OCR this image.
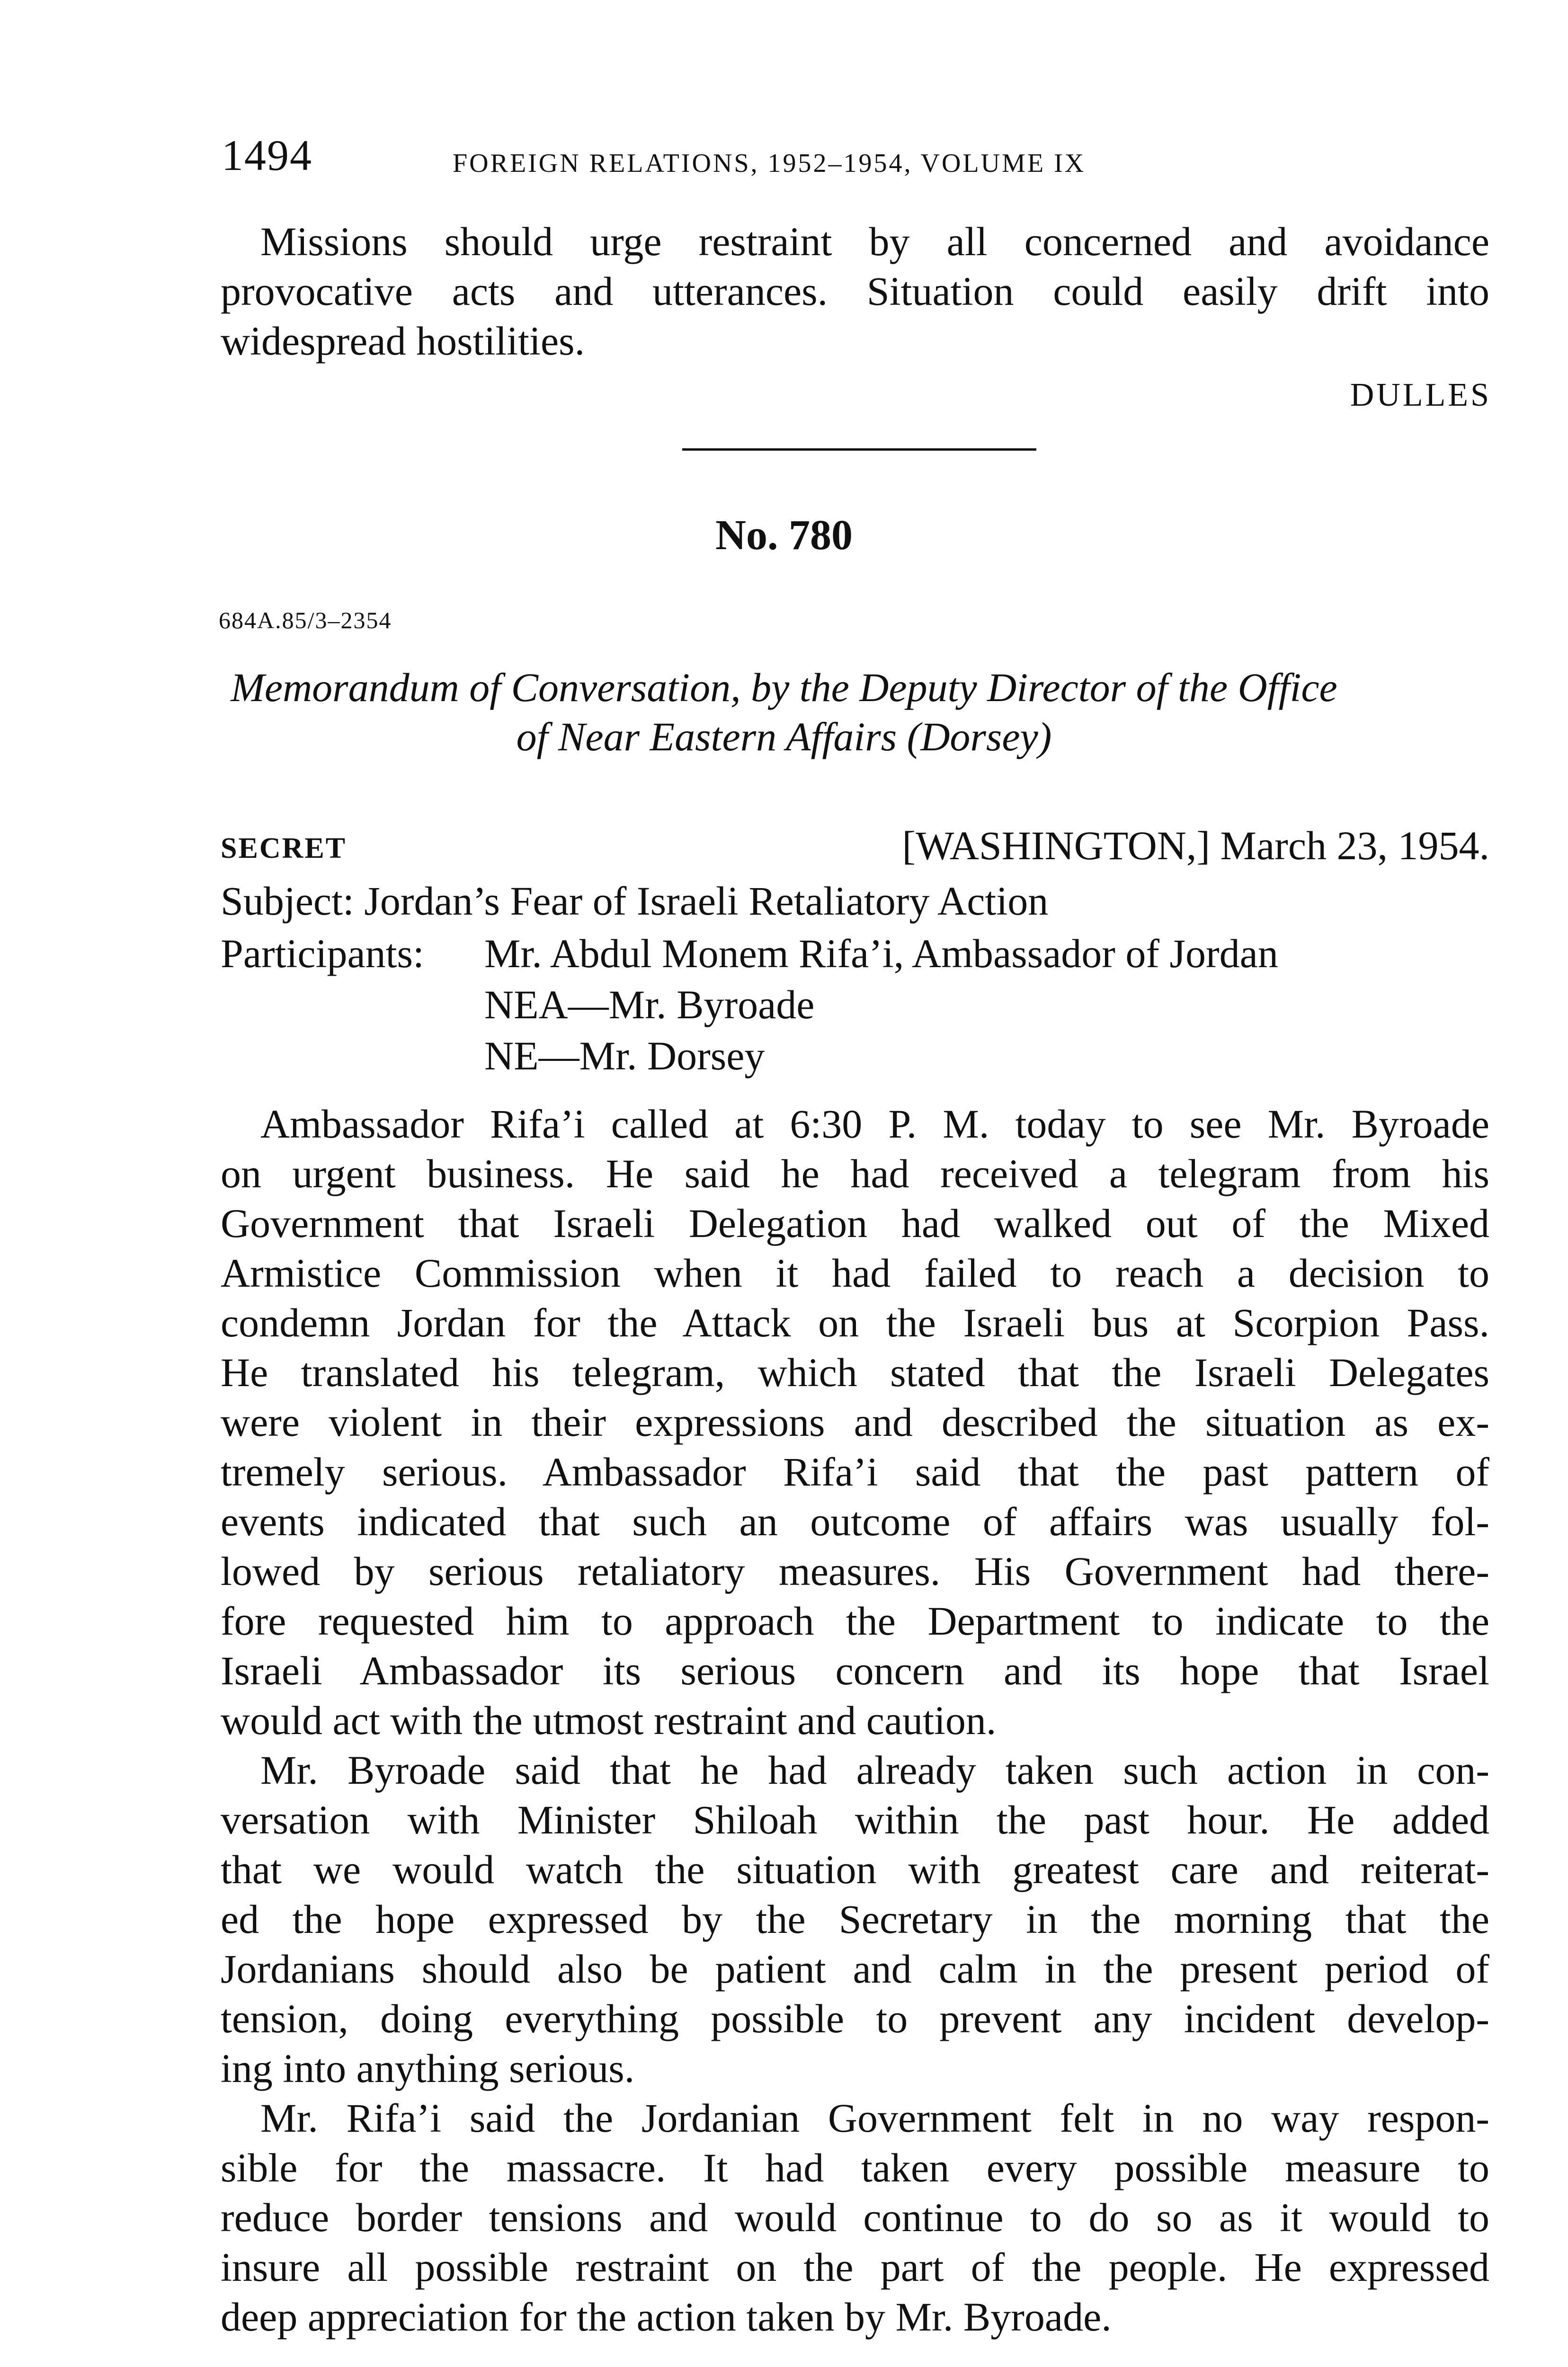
1494	FOREIGN RELATIONS, 1952–1954, VOLUME IX
Missions should urge restraint by all concerned and avoidance
provocative acts and utterances. Situation could easily drift into
widespread hostilities.
DULLES
No. 780
684A.85/3–2354
Memorandum of Conversation, by the Deputy Director of the Office
of Near Eastern Affairs (Dorsey)
SECRET	[WASHINGTON,] March 23, 1954.
Subject: Jordan’s Fear of Israeli Retaliatory Action
Participants: Mr. Abdul Monem Rifa’i, Ambassador of Jordan
NEA—Mr. Byroade
NE—Mr. Dorsey
Ambassador Rifa’i called at 6:30 P. M. today to see Mr. Byroade
on urgent business. He said he had received a telegram from his
Government that Israeli Delegation had walked out of the Mixed
Armistice Commission when it had failed to reach a decision to
condemn Jordan for the Attack on the Israeli bus at Scorpion Pass.
He translated his telegram, which stated that the Israeli Delegates
were violent in their expressions and described the situation as ex-
tremely serious. Ambassador Rifa’i said that the past pattern of
events indicated that such an outcome of affairs was usually fol-
lowed by serious retaliatory measures. His Government had there-
fore requested him to approach the Department to indicate to the
Israeli Ambassador its serious concern and its hope that Israel
would act with the utmost restraint and caution.
Mr. Byroade said that he had already taken such action in con-
versation with Minister Shiloah within the past hour. He added
that we would watch the situation with greatest care and reiterat-
ed the hope expressed by the Secretary in the morning that the
Jordanians should also be patient and calm in the present period of
tension, doing everything possible to prevent any incident develop-
ing into anything serious.
Mr. Rifa’i said the Jordanian Government felt in no way respon-
sible for the massacre. It had taken every possible measure to
reduce border tensions and would continue to do so as it would to
insure all possible restraint on the part of the people. He expressed
deep appreciation for the action taken by Mr. Byroade.
